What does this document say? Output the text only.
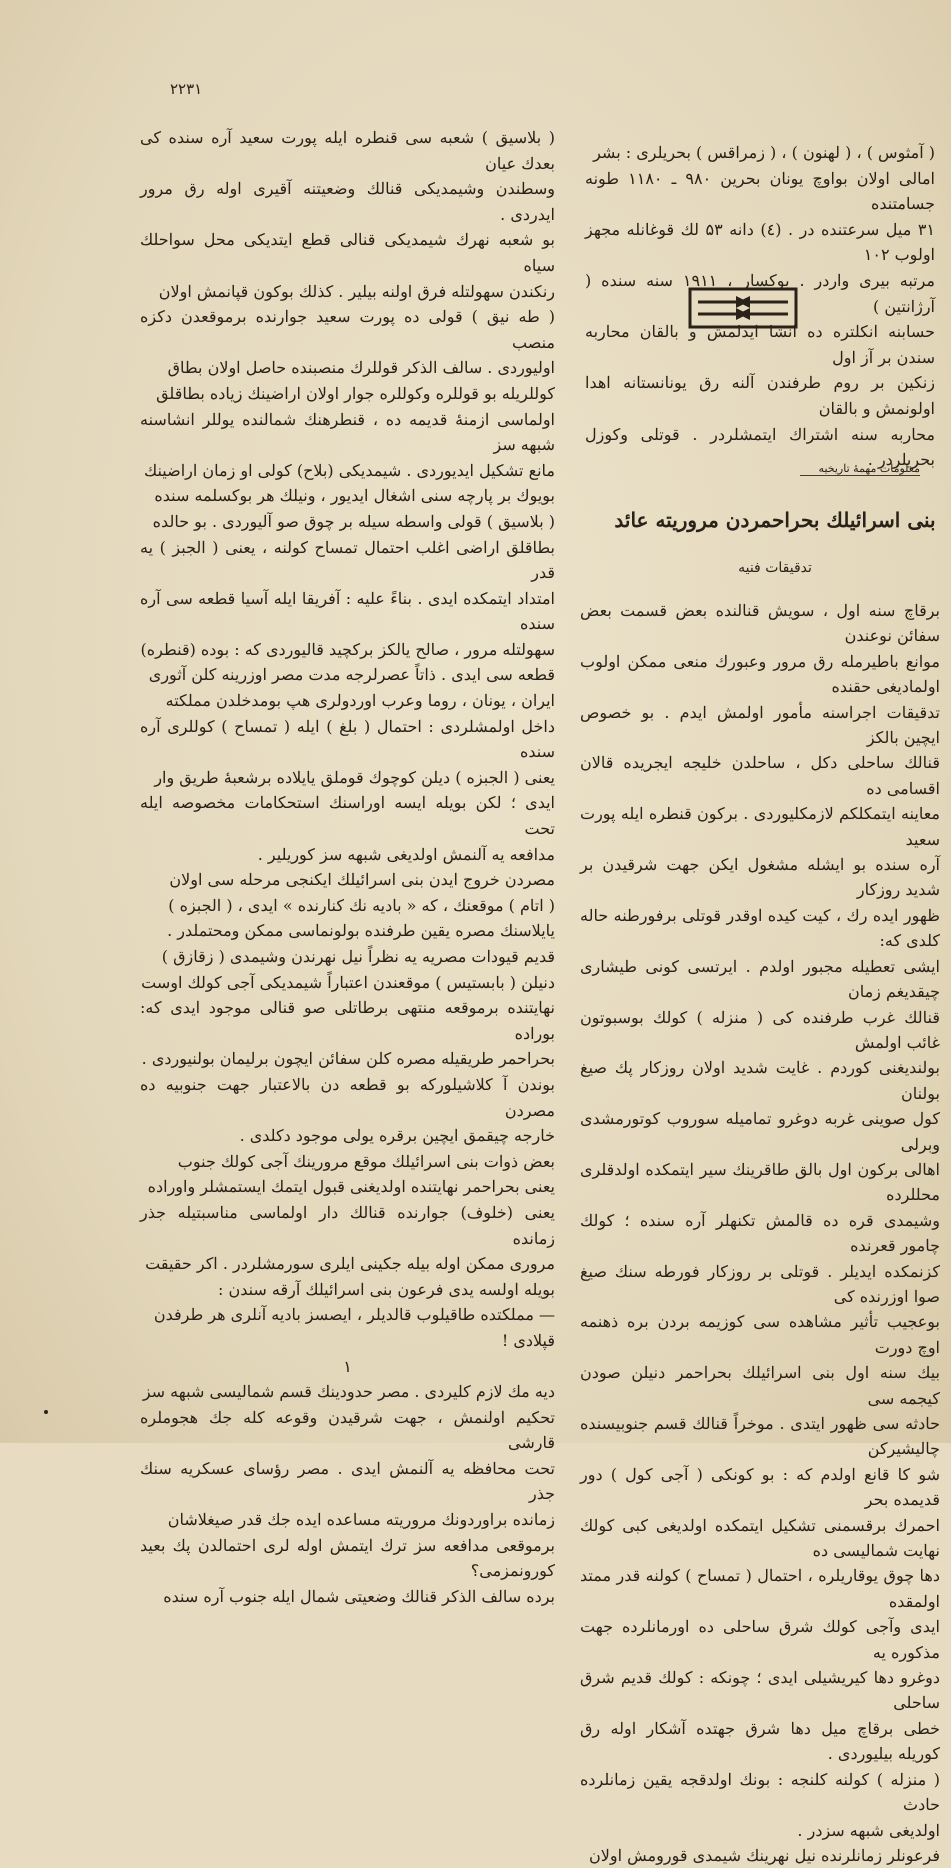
۲۲۳۱

( آمثوس ) ، ( لهنون ) ، ( زمراقس ) بحریلری : بشر

امالی اولان بواوچ یونان بحرین ۹۸۰ ـ ۱۱۸۰ طونه جسامتنده

۳۱ میل سرعتنده در . (٤) دانه ۵۳ لك قوغانله مجهز اولوب ۱۰۲

مرتبه بیری واردر . بوکسار ، ۱۹۱۱ سنه سنده ( آرژانتین )

حسابنه انکلتره ده انشا ایدلمش و بالقان محاربه سندن بر آز اول

زنکین بر روم طرفندن آلنه رق یونانستانه اهدا اولونمش و بالقان

محاربه سنه اشتراك ایتمشلردر . قوتلی وکوزل بحریلردر .

معلومات مهمهٔ تاریخیه
بنی اسرائیلك بحراحمردن مروریته عائد
تدقیقات فنیه

برقاچ سنه اول ، سویش قنالنده بعض قسمت بعض سفائن نوعندن

موانع باطیرمله رق مرور وعبورك منعی ممکن اولوب اولمادیغی حقنده

تدقیقات اجراسنه مأمور اولمش ایدم . بو خصوص ایچین بالکز

قنالك ساحلی دکل ، ساحلدن خلیجه ایجریده قالان اقسامی ده

معاینه ایتمکلکم لازمکلیوردی . برکون قنطره ایله پورت سعید

آره سنده بو ایشله مشغول ایکن جهت شرقیدن بر شدید روزکار

ظهور ایده رك ، کیت کیده اوقدر قوتلی برفورطنه حاله کلدی که:

ایشی تعطیله مجبور اولدم . ایرتسی کونی طیشاری چیقدیغم زمان

قنالك غرب طرفنده کی ( منزله ) کولك بوسبوتون غائب اولمش

بولندیغنی کوردم . غایت شدید اولان روزکار پك صیغ بولنان

کول صوینی غربه دوغرو تمامیله سوروب کوتورمشدی وبرلی

اهالی برکون اول بالق طاقرینك سیر ایتمکده اولدقلری محللرده

وشیمدی قره ده قالمش تکنهلر آره سنده ؛ کولك چامور قعرنده

کزنمکده ایدیلر . قوتلی بر روزکار فورطه سنك صیغ صوا اوزرنده کی

بوعجیب تأثیر مشاهده سی کوزیمه بردن بره ذهنمه اوچ دورت

بیك سنه اول بنی اسرائیلك بحراحمر دنیلن صودن کیجمه سی

حادثه سی ظهور ایتدی . موخراً قنالك قسم جنوبیسنده چالیشیرکن

شو کا قانع اولدم که : بو کونکی ( آجی کول ) دور قدیمده بحر

احمرك برقسمنی تشکیل ایتمکده اولدیغی کبی کولك نهایت شمالیسی ده

دها چوق یوقاریلره ، احتمال ( تمساح ) کولنه قدر ممتد اولمقده

ایدی وآجی کولك شرق ساحلی ده اورمانلرده جهت مذکوره یه

دوغرو دها کیریشیلی ایدی ؛ چونکه : کولك قدیم شرق ساحلی

خطی برقاچ میل دها شرق جهتده آشکار اوله رق کوریله بیلیوردی .

( منزله ) کولنه کلنجه : بونك اولدقجه یقین زمانلرده حادث

اولدیغی شبهه سزدر .

فرعونلر زمانلرنده نیل نهرینك شیمدی قورومش اولان

( بلاسیق ) شعبه سی قنطره ایله پورت سعید آره سنده کی بعدك عیان

وسطندن وشیمدیکی قنالك وضعیتنه آقیری اوله رق مرور ایدردی .

بو شعبه نهرك شیمدیکی قنالی قطع ایتدیکی محل سواحلك سیاه

رنکندن سهولتله فرق اولنه بیلیر . کذلك بوکون قپانمش اولان

( طه نیق ) قولی ده پورت سعید جوارنده برموقعدن دکزه منصب

اولیوردی . سالف الذکر قوللرك منصبنده حاصل اولان بطاق

کوللریله بو قوللره وکوللره جوار اولان اراضینك زیاده بطاقلق

اولماسی ازمنهٔ قدیمه ده ، قنطرهنك شمالنده یوللر انشاسنه شبهه سز

مانع تشکیل ایدیوردی . شیمدیکی (بلاح) کولی او زمان اراضینك

بویوك بر پارچه سنی اشغال ایدیور ، ونیلك هر بوکسلمه سنده

( بلاسیق ) قولی واسطه سیله بر چوق صو آلیوردی . بو حالده

بطاقلق اراضی اغلب احتمال تمساح کولنه ، یعنی ( الجبز ) یه قدر

امتداد ایتمکده ایدی . بناءً علیه : آفریقا ایله آسیا قطعه سی آره سنده

سهولتله مرور ، صالح یالکز برکچید قالیوردی که : بوده (قنطره)

قطعه سی ایدی . ذاتاً عصرلرجه مدت مصر اوزرینه کلن آثوری

ایران ، یونان ، روما وعرب اوردولری هپ بومدخلدن مملکته

داخل اولمشلردی : احتمال ( بلغ ) ایله ( تمساح ) کوللری آره سنده

یعنی ( الجبزه ) دیلن کوچوك قوملق یایلاده برشعبهٔ طریق وار

ایدی ؛ لکن بویله ایسه اوراسنك استحکامات مخصوصه ایله تحت

مدافعه یه آلنمش اولدیغی شبهه سز کوریلیر .

مصردن خروج ایدن بنی اسرائیلك ایکنجی مرحله سی اولان

( اتام ) موقعنك ، که « بادیه نك کنارنده » ایدی ، ( الجبزه )

یایلاسنك مصره یقین طرفنده بولونماسی ممکن ومحتملدر .

قدیم قیودات مصریه یه نظراً نیل نهرندن وشیمدی ( زقازق )

دنیلن ( بابستیس ) موقعندن اعتباراً شیمدیکی آجی کولك اوست

نهایتنده برموقعه منتهی برطاتلی صو قنالی موجود ایدی که: بوراده

بحراحمر طریقیله مصره کلن سفائن ایچون برلیمان بولنیوردی .

بوندن آ کلاشیلورکه بو قطعه دن بالاعتبار جهت جنوبیه ده مصردن

خارجه چیقمق ایچین برقره یولی موجود دکلدی .

بعض ذوات بنی اسرائیلك موقع مرورینك آجی کولك جنوب

یعنی بحراحمر نهایتنده اولدیغنی قبول ایتمك ایستمشلر واوراده

یعنی (خلوف) جوارنده قنالك دار اولماسی مناسبتیله جذر زمانده

مروری ممکن اوله بیله جکینی ایلری سورمشلردر . اکر حقیقت

بویله اولسه یدی فرعون بنی اسرائیلك آرقه سندن :

— مملکتده طاقیلوب قالدیلر ، ایصسز بادیه آنلری هر طرفدن

قپلادی !

١

دیه مك لازم کلیردی . مصر حدودینك قسم شمالیسی شبهه سز

تحکیم اولنمش ، جهت شرقیدن وقوعه کله جك هجوملره قارشی

تحت محافظه یه آلنمش ایدی . مصر رؤسای عسکریه سنك جذر

زمانده براوردونك مروریته مساعده ایده جك قدر صیغلاشان

برموقعی مدافعه سز ترك ایتمش اوله لری احتمالدن پك بعید کورونمزمی؟

برده سالف الذکر قنالك وضعیتی شمال ایله جنوب آره سنده
